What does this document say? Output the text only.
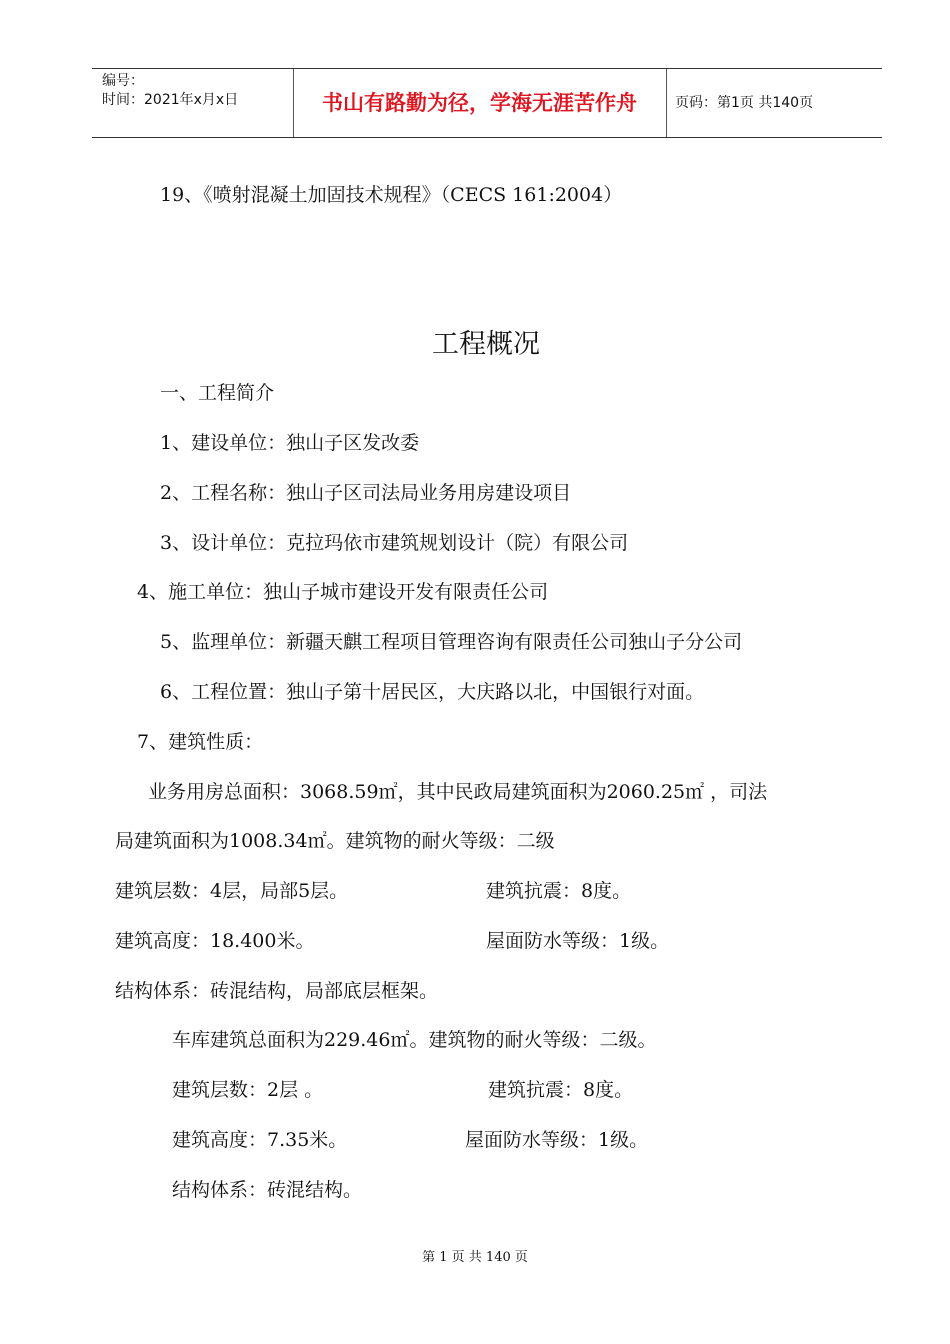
编号：
时间：2021年x月x日	书山有路勤为径，学海无涯苦作舟	页码：第1页 共140页
19、《喷射混凝土加固技术规程》（CECS 161:2004）
工程概况
一、工程简介
1、建设单位：独山子区发改委
2、工程名称：独山子区司法局业务用房建设项目
3、设计单位：克拉玛依市建筑规划设计（院）有限公司
4、施工单位：独山子城市建设开发有限责任公司
5、监理单位：新疆天麒工程项目管理咨询有限责任公司独山子分公司
6、工程位置：独山子第十居民区，大庆路以北，中国银行对面。
7、建筑性质：
业务用房总面积：3068.59㎡，其中民政局建筑面积为2060.25㎡ ，司法
局建筑面积为1008.34㎡。建筑物的耐火等级：二级
建筑层数：4层，局部5层。	建筑抗震：8度。
建筑高度：18.400米。	屋面防水等级：1级。
结构体系：砖混结构，局部底层框架。
车库建筑总面积为229.46㎡。建筑物的耐火等级：二级。
建筑层数：2层 。	建筑抗震：8度。
建筑高度：7.35米。	屋面防水等级：1级。
结构体系：砖混结构。
第 1 页 共 140 页
